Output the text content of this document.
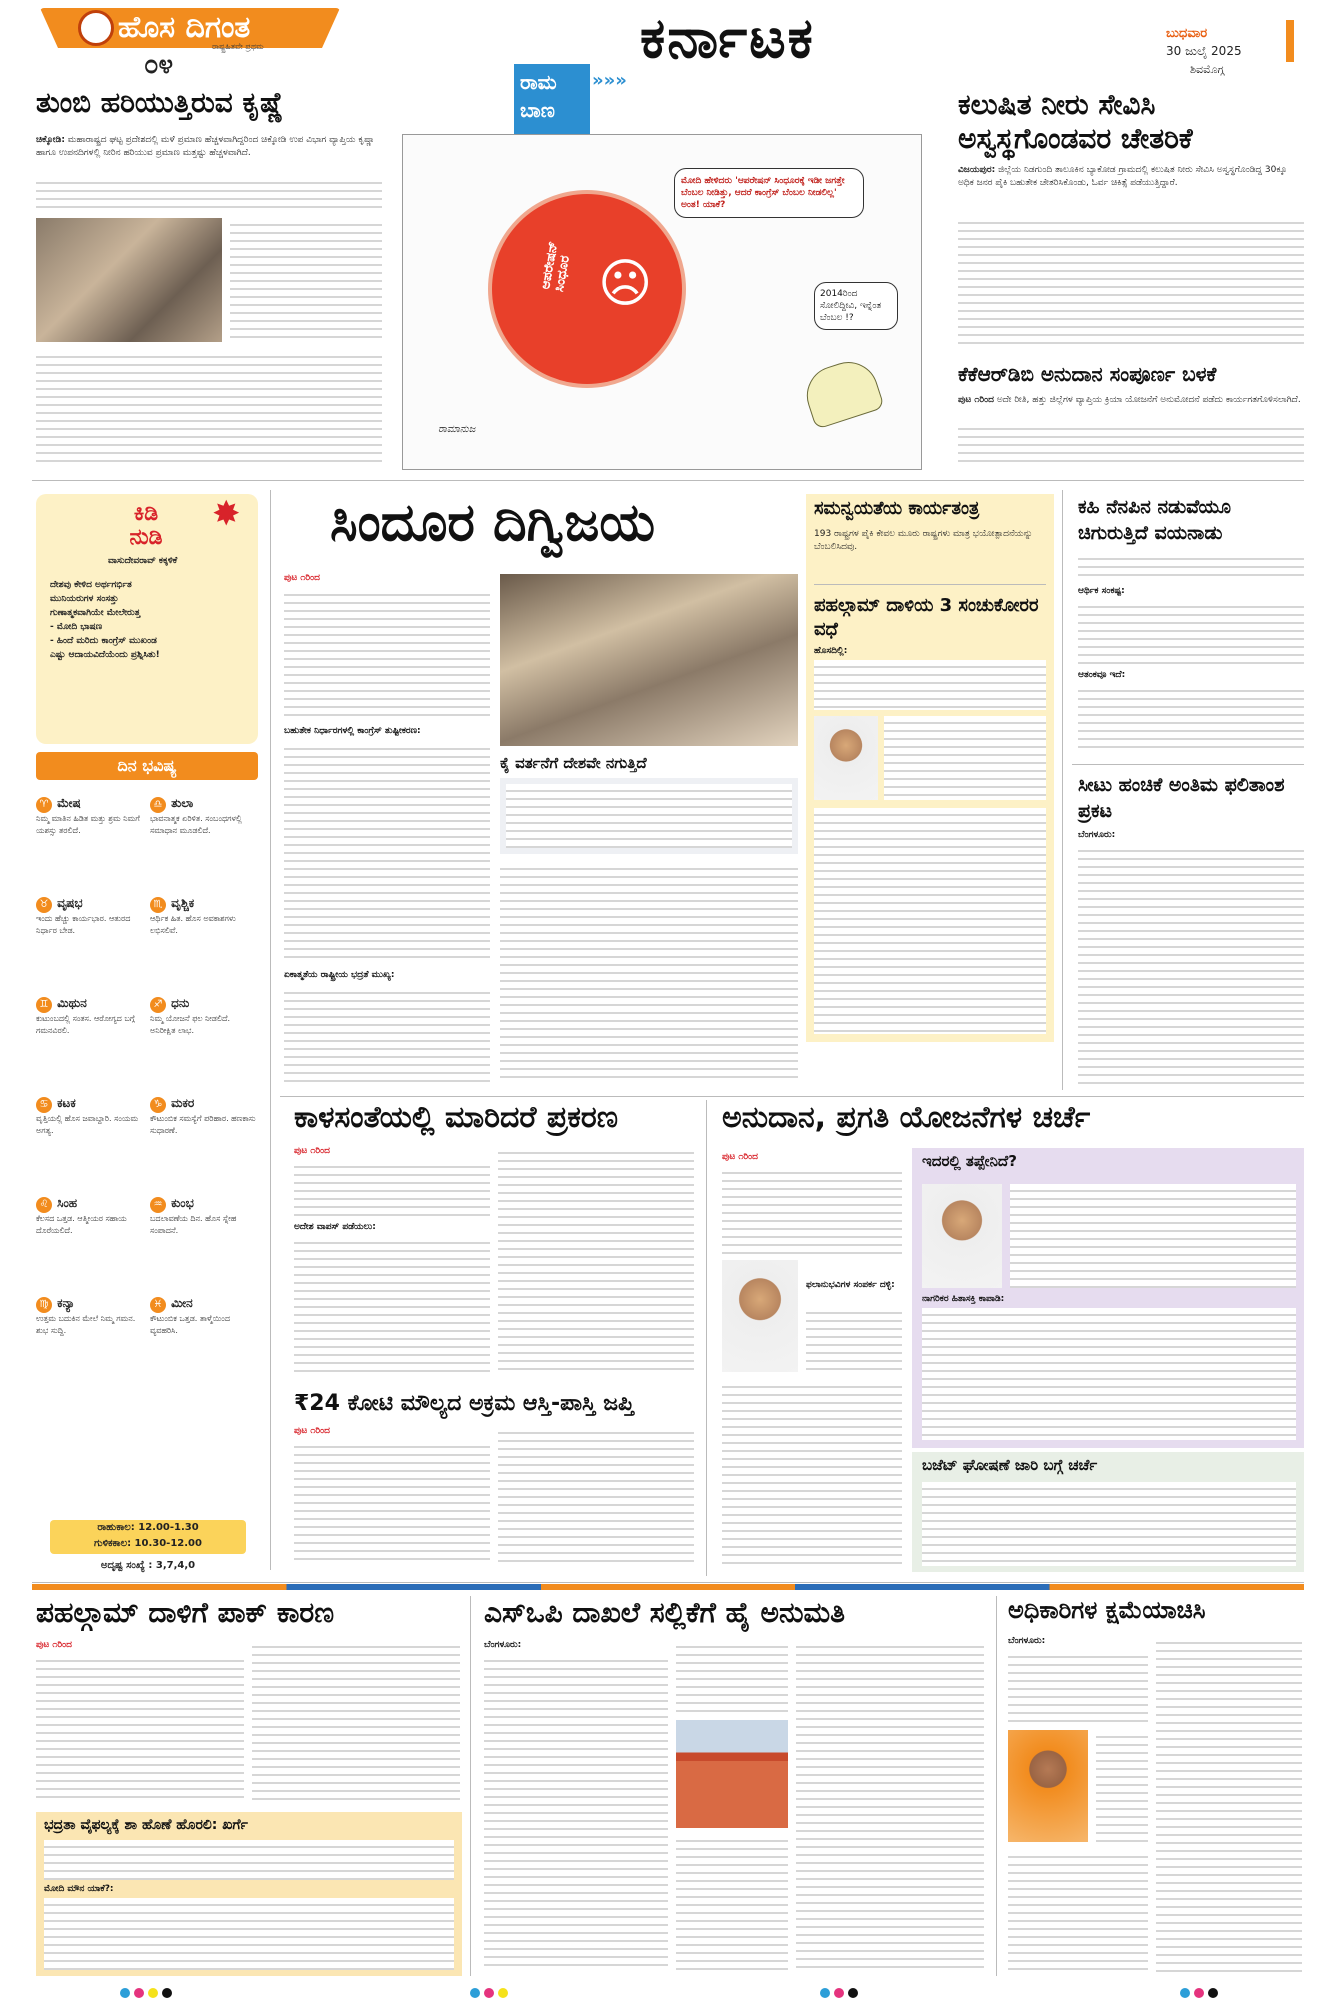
ಹೊಸ ದಿಗಂತ
ರಾಷ್ಟ್ರಹಿತವೇ ಪ್ರಥಮ
೦೪	ಕರ್ನಾಟಕ	ಬುಧವಾರ
30 ಜುಲೈ 2025
ಶಿವಮೊಗ್ಗ
ತುಂಬಿ ಹರಿಯುತ್ತಿರುವ ಕೃಷ್ಣೆ
ಚಿಕ್ಕೋಡಿ: ಮಹಾರಾಷ್ಟ್ರದ ಘಟ್ಟ ಪ್ರದೇಶದಲ್ಲಿ ಮಳೆ ಪ್ರಮಾಣ ಹೆಚ್ಚಳವಾಗಿದ್ದರಿಂದ ಚಿಕ್ಕೋಡಿ ಉಪ ವಿಭಾಗ ವ್ಯಾಪ್ತಿಯ ಕೃಷ್ಣಾ ಹಾಗೂ ಉಪನದಿಗಳಲ್ಲಿ ನೀರಿನ ಹರಿಯುವ ಪ್ರಮಾಣ ಮತ್ತಷ್ಟು ಹೆಚ್ಚಳವಾಗಿದೆ.
ರಾಮ
ಬಾಣ
»»»
ಆಪರೇಷನ್ ಸಿಂಧೂರ ☹
ಮೋದಿ ಹೇಳಿದರು 'ಆಪರೇಷನ್ ಸಿಂಧೂರಕ್ಕೆ ಇಡೀ ಜಗತ್ತೇ ಬೆಂಬಲ ನೀಡಿತ್ತು, ಆದರೆ ಕಾಂಗ್ರೆಸ್ ಬೆಂಬಲ ನೀಡಲಿಲ್ಲ' ಅಂತ! ಯಾಕೆ?
2014ರಿಂದ ಸೋಲಿದ್ದೀವಿ, ಇನ್ನೆಂತ ಬೆಂಬಲ !?
ರಾಮಾನುಜ
ಕಲುಷಿತ ನೀರು ಸೇವಿಸಿ ಅಸ್ವಸ್ಥಗೊಂಡವರ ಚೇತರಿಕೆ
ವಿಜಯಪುರ: ಜಿಲ್ಲೆಯ ನಿಡಗುಂದಿ ತಾಲೂಕಿನ ಬ್ಯಾಕೋಡ ಗ್ರಾಮದಲ್ಲಿ ಕಲುಷಿತ ನೀರು ಸೇವಿಸಿ ಅಸ್ವಸ್ಥಗೊಂಡಿದ್ದ 30ಕ್ಕೂ ಅಧಿಕ ಜನರ ಪೈಕಿ ಬಹುತೇಕ ಚೇತರಿಸಿಕೊಂಡು, ಓರ್ವ ಚಿಕಿತ್ಸೆ ಪಡೆಯುತ್ತಿದ್ದಾರೆ.
ಕೆಕೆಆರ್‌ಡಿಬಿ ಅನುದಾನ ಸಂಪೂರ್ಣ ಬಳಕೆ
ಪುಟ ೧ರಿಂದ ಅದೇ ರೀತಿ, ಹತ್ತು ಜಿಲ್ಲೆಗಳ ವ್ಯಾಪ್ತಿಯ ಕ್ರಿಯಾ ಯೋಜನೆಗೆ ಅನುಮೋದನೆ ಪಡೆದು ಕಾರ್ಯಗತಗೊಳಿಸಲಾಗಿದೆ.
ಕಿಡಿ ನುಡಿ
✸
ವಾಸುದೇವರಾವ್ ಕಕ್ಕಳಿಕೆ
ದೇಶವು ಕೇಳಿದ ಅರ್ಥಗರ್ಭಿತ
ಮುನಿಯರುಗಳ ಸಂಸತ್ತು
ಗುಣಾತ್ಮಕವಾಗಿಯೇ ಮೇಲೇರುತ್ತ
- ಮೋದಿ ಭಾಷಣ
- ಹಿಂದೆ ಮರಿದು ಕಾಂಗ್ರೆಸ್ ಮುಖಂಡ
ಎಷ್ಟು ಆದಾಯವಿದೆಯೆಂದು ಪ್ರಶ್ನಿಸಿತು!
ದಿನ ಭವಿಷ್ಯ
♈ ಮೇಷ
ನಿಮ್ಮ ಮಾತಿನ ಹಿಡಿತ ಮತ್ತು ಶ್ರಮ ನಿಮಗೆ ಯಶಸ್ಸು ತರಲಿದೆ.
♎ ತುಲಾ
ಭಾವನಾತ್ಮಕ ಏರಿಳಿತ. ಸಂಬಂಧಗಳಲ್ಲಿ ಸಮಾಧಾನ ಮೂಡಲಿದೆ.
♉ ವೃಷಭ
ಇಂದು ಹೆಚ್ಚು ಕಾರ್ಯಭಾರ. ಆತುರದ ನಿರ್ಧಾರ ಬೇಡ.
♏ ವೃಶ್ಚಿಕ
ಆರ್ಥಿಕ ಹಿತ. ಹೊಸ ಅವಕಾಶಗಳು ಲಭಿಸಲಿವೆ.
♊ ಮಿಥುನ
ಕುಟುಂಬದಲ್ಲಿ ಸಂತಸ. ಆರೋಗ್ಯದ ಬಗ್ಗೆ ಗಮನವಿರಲಿ.
♐ ಧನು
ನಿಮ್ಮ ಯೋಜನೆ ಫಲ ನೀಡಲಿದೆ. ಅನಿರೀಕ್ಷಿತ ಲಾಭ.
♋ ಕಟಕ
ವೃತ್ತಿಯಲ್ಲಿ ಹೊಸ ಜವಾಬ್ದಾರಿ. ಸಂಯಮ ಅಗತ್ಯ.
♑ ಮಕರ
ಕೌಟುಂಬಿಕ ಸಮಸ್ಯೆಗೆ ಪರಿಹಾರ. ಹಣಕಾಸು ಸುಧಾರಣೆ.
♌ ಸಿಂಹ
ಕೆಲಸದ ಒತ್ತಡ. ಆತ್ಮೀಯರ ಸಹಾಯ ದೊರೆಯಲಿದೆ.
♒ ಕುಂಭ
ಬದಲಾವಣೆಯ ದಿನ. ಹೊಸ ಸ್ನೇಹ ಸಂಪಾದನೆ.
♍ ಕನ್ಯಾ
ಉತ್ತಮ ಬದುಕಿನ ಮೇಲೆ ನಿಮ್ಮ ಗಮನ. ಶುಭ ಸುದ್ದಿ.
♓ ಮೀನ
ಕೌಟುಂಬಿಕ ಒತ್ತಡ. ತಾಳ್ಮೆಯಿಂದ ವ್ಯವಹರಿಸಿ.
ರಾಹುಕಾಲ: 12.00-1.30
ಗುಳಿಕಕಾಲ: 10.30-12.00
ಅದೃಷ್ಟ ಸಂಖ್ಯೆ : 3,7,4,0
ಸಿಂದೂರ ದಿಗ್ವಿಜಯ
ಪುಟ ೧ರಿಂದ
ಬಹುತೇಕ ನಿರ್ಧಾರಗಳಲ್ಲಿ ಕಾಂಗ್ರೆಸ್ ತುಷ್ಟೀಕರಣ:
ಏಕಾತ್ಮತೆಯ ರಾಷ್ಟ್ರೀಯ ಭದ್ರತೆ ಮುಖ್ಯ:
ಕೈ ವರ್ತನೆಗೆ ದೇಶವೇ ನಗುತ್ತಿದೆ
ಸಮನ್ವಯತೆಯ ಕಾರ್ಯತಂತ್ರ
193 ರಾಷ್ಟ್ರಗಳ ಪೈಕಿ ಕೇವಲ ಮೂರು ರಾಷ್ಟ್ರಗಳು ಮಾತ್ರ ಭಯೋತ್ಪಾದನೆಯನ್ನು ಬೆಂಬಲಿಸಿದವು.
ಪಹಲ್ಗಾಮ್ ದಾಳಿಯ 3 ಸಂಚುಕೋರರ ವಧೆ
ಹೊಸದಿಲ್ಲಿ:
ಕಹಿ ನೆನಪಿನ ನಡುವೆಯೂ ಚಿಗುರುತ್ತಿದೆ ವಯನಾಡು
ಆರ್ಥಿಕ ಸಂಕಷ್ಟ:
ಆತಂಕವೂ ಇದೆ:
ಸೀಟು ಹಂಚಿಕೆ ಅಂತಿಮ ಫಲಿತಾಂಶ ಪ್ರಕಟ
ಬೆಂಗಳೂರು:
ಕಾಳಸಂತೆಯಲ್ಲಿ ಮಾರಿದರೆ ಪ್ರಕರಣ
ಪುಟ ೧ರಿಂದ
ಅದೇಶ ವಾಪಸ್ ಪಡೆಯಲು:
₹24 ಕೋಟಿ ಮೌಲ್ಯದ ಅಕ್ರಮ ಆಸ್ತಿ-ಪಾಸ್ತಿ ಜಪ್ತಿ
ಪುಟ ೧ರಿಂದ
ಅನುದಾನ, ಪ್ರಗತಿ ಯೋಜನೆಗಳ ಚರ್ಚೆ
ಪುಟ ೧ರಿಂದ
ಫಲಾನುಭವಿಗಳ ಸಂಪರ್ಕ ದಳ್ಳಿ:
ಇದರಲ್ಲಿ ತಪ್ಪೇನಿದೆ?
ನಾಗರಿಕರ ಹಿತಾಸಕ್ತಿ ಕಾಪಾಡಿ:
ಬಜೆಟ್ ಘೋಷಣೆ ಜಾರಿ ಬಗ್ಗೆ ಚರ್ಚೆ
ಪಹಲ್ಗಾಮ್ ದಾಳಿಗೆ ಪಾಕ್ ಕಾರಣ
ಪುಟ ೧ರಿಂದ
ಭದ್ರತಾ ವೈಫಲ್ಯಕ್ಕೆ ಶಾ ಹೊಣೆ ಹೊರಲಿ: ಖರ್ಗೆ
ಮೋದಿ ಮೌನ ಯಾಕೆ?:
ಎಸ್‌ಒಪಿ ದಾಖಲೆ ಸಲ್ಲಿಕೆಗೆ ಹೈ ಅನುಮತಿ
ಬೆಂಗಳೂರು:
ಅಧಿಕಾರಿಗಳ ಕ್ಷಮೆಯಾಚಿಸಿ
ಬೆಂಗಳೂರು:
